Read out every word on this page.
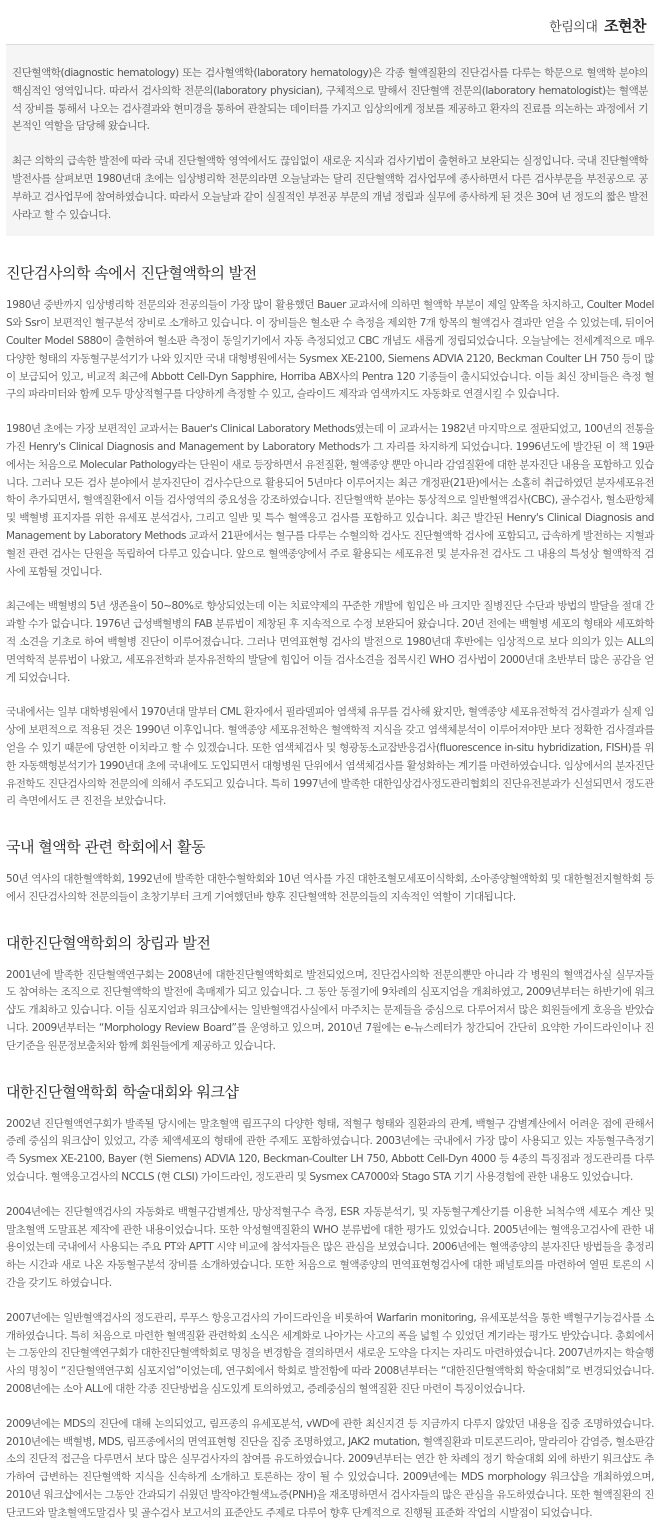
한림의대 조현찬

진단혈액학(diagnostic hematology) 또는 검사혈액학(laboratory hematology)은 각종 혈액질환의 진단검사를 다루는 학문으로 혈액학 분야의 핵심적인 영역입니다. 따라서 검사의학 전문의(laboratory physician), 구체적으로 말해서 진단혈액 전문의(laboratory hematologist)는 혈액분석 장비를 통해서 나오는 검사결과와 현미경을 통하여 관찰되는 데이터를 가지고 임상의에게 정보를 제공하고 환자의 진료를 의논하는 과정에서 기본적인 역할을 담당해 왔습니다.

최근 의학의 급속한 발전에 따라 국내 진단혈액학 영역에서도 끊임없이 새로운 지식과 검사기법이 출현하고 보완되는 실정입니다. 국내 진단혈액학 발전사를 살펴보면 1980년대 초에는 임상병리학 전문의라면 오늘날과는 달리 진단혈액학 검사업무에 종사하면서 다른 검사부문을 부전공으로 공부하고 검사업무에 참여하였습니다. 따라서 오늘날과 같이 실질적인 부전공 부문의 개념 정립과 실무에 종사하게 된 것은 30여 년 정도의 짧은 발전사라고 할 수 있습니다.

진단검사의학 속에서 진단혈액학의 발전

1980년 중반까지 임상병리학 전문의와 전공의들이 가장 많이 활용했던 Bauer 교과서에 의하면 혈액학 부분이 제일 앞쪽을 차지하고, Coulter Model S와 Ssr이 보편적인 혈구분석 장비로 소개하고 있습니다. 이 장비들은 혈소판 수 측정을 제외한 7개 항목의 혈액검사 결과만 얻을 수 있었는데, 뒤이어 Coulter Model S880이 출현하여 혈소판 측정이 동일기기에서 자동 측정되었고 CBC 개념도 새롭게 정립되었습니다. 오늘날에는 전세계적으로 매우 다양한 형태의 자동혈구분석기가 나와 있지만 국내 대형병원에서는 Sysmex XE-2100, Siemens ADVIA 2120, Beckman Coulter LH 750 등이 많이 보급되어 있고, 비교적 최근에 Abbott Cell-Dyn Sapphire, Horriba ABX사의 Pentra 120 기종들이 출시되었습니다. 이들 최신 장비들은 측정 혈구의 파라미터와 함께 모두 망상적혈구를 다양하게 측정할 수 있고, 슬라이드 제작과 염색까지도 자동화로 연결시킬 수 있습니다.

1980년 초에는 가장 보편적인 교과서는 Bauer's Clinical Laboratory Methods였는데 이 교과서는 1982년 마지막으로 절판되었고, 100년의 전통을 가진 Henry's Clinical Diagnosis and Management by Laboratory Methods가 그 자리를 차지하게 되었습니다. 1996년도에 발간된 이 책 19판에서는 처음으로 Molecular Pathology라는 단원이 새로 등장하면서 유전질환, 혈액종양 뿐만 아니라 감염질환에 대한 분자진단 내용을 포함하고 있습니다. 그러나 모든 검사 분야에서 분자진단이 검사수단으로 활용되어 5년마다 이루어지는 최근 개정판(21판)에서는 소홀히 취급하였던 분자세포유전학이 추가되면서, 혈액질환에서 이들 검사영역의 중요성을 강조하였습니다. 진단혈액학 분야는 통상적으로 일반혈액검사(CBC), 골수검사, 혈소판항체 및 백혈병 표지자를 위한 유세포 분석검사, 그리고 일반 및 특수 혈액응고 검사를 포함하고 있습니다. 최근 발간된 Henry's Clinical Diagnosis and Management by Laboratory Methods 교과서 21판에서는 혈구를 다루는 수혈의학 검사도 진단혈액학 검사에 포함되고, 급속하게 발전하는 지혈과 혈전 관련 검사는 단원을 독립하여 다루고 있습니다. 앞으로 혈액종양에서 주로 활용되는 세포유전 및 분자유전 검사도 그 내용의 특성상 혈액학적 검사에 포함될 것입니다.

최근에는 백혈병의 5년 생존율이 50~80%로 향상되었는데 이는 치료약제의 꾸준한 개발에 힘입은 바 크지만 질병진단 수단과 방법의 발달을 절대 간과할 수가 없습니다. 1976년 급성백혈병의 FAB 분류법이 제창된 후 지속적으로 수정 보완되어 왔습니다. 20년 전에는 백혈병 세포의 형태와 세포화학적 소견을 기초로 하여 백혈병 진단이 이루어졌습니다. 그러나 면역표현형 검사의 발전으로 1980년대 후반에는 임상적으로 보다 의의가 있는 ALL의 면역학적 분류법이 나왔고, 세포유전학과 분자유전학의 발달에 힘입어 이들 검사소견을 접목시킨 WHO 검사법이 2000년대 초반부터 많은 공감을 얻게 되었습니다.

국내에서는 일부 대학병원에서 1970년대 말부터 CML 환자에서 필라델피아 염색체 유무를 검사해 왔지만, 혈액종양 세포유전학적 검사결과가 실제 임상에 보편적으로 적용된 것은 1990년 이후입니다. 혈액종양 세포유전학은 혈액학적 지식을 갖고 염색체분석이 이루어져야만 보다 정확한 검사결과를 얻을 수 있기 때문에 당연한 이치라고 할 수 있겠습니다. 또한 염색체검사 및 형광동소교잡반응검사(fluorescence in-situ hybridization, FISH)를 위한 자동핵형분석기가 1990년대 초에 국내에도 도입되면서 대형병원 단위에서 염색체검사를 활성화하는 계기를 마련하였습니다. 임상에서의 분자진단유전학도 진단검사의학 전문의에 의해서 주도되고 있습니다. 특히 1997년에 발족한 대한임상검사정도관리협회의 진단유전분과가 신설되면서 정도관리 측면에서도 큰 진전을 보았습니다.

국내 혈액학 관련 학회에서 활동

50년 역사의 대한혈액학회, 1992년에 발족한 대한수혈학회와 10년 역사를 가진 대한조혈모세포이식학회, 소아종양혈액학회 및 대한혈전지혈학회 등에서 진단검사의학 전문의들이 초창기부터 크게 기여했던바 향후 진단혈액학 전문의들의 지속적인 역할이 기대됩니다.

대한진단혈액학회의 창립과 발전

2001년에 발족한 진단혈액연구회는 2008년에 대한진단혈액학회로 발전되었으며, 진단검사의학 전문의뿐만 아니라 각 병원의 혈액검사실 실무자들도 참여하는 조직으로 진단혈액학의 발전에 촉매제가 되고 있습니다. 그 동안 동절기에 9차례의 심포지엄을 개최하였고, 2009년부터는 하반기에 워크샵도 개최하고 있습니다. 이들 심포지엄과 워크샵에서는 일반혈액검사실에서 마주치는 문제들을 중심으로 다루어져서 많은 회원들에게 호응을 받았습니다. 2009년부터는 “Morphology Review Board”를 운영하고 있으며, 2010년 7월에는 e-뉴스레터가 창간되어 간단히 요약한 가이드라인이나 진단기준을 원문정보출처와 함께 회원들에게 제공하고 있습니다.

대한진단혈액학회 학술대회와 워크샵

2002년 진단혈액연구회가 발족될 당시에는 말초혈액 림프구의 다양한 형태, 적혈구 형태와 질환과의 관계, 백혈구 감별계산에서 어려운 점에 관해서 증례 중심의 워크샵이 있었고, 각종 체액세포의 형태에 관한 주제도 포함하였습니다. 2003년에는 국내에서 가장 많이 사용되고 있는 자동혈구측정기 즉 Sysmex XE-2100, Bayer (현 Siemens) ADVIA 120, Beckman-Coulter LH 750, Abbott Cell-Dyn 4000 등 4종의 특징점과 정도관리를 다루었습니다. 혈액응고검사의 NCCLS (현 CLSI) 가이드라인, 정도관리 및 Sysmex CA7000와 Stago STA 기기 사용경험에 관한 내용도 있었습니다.

2004년에는 진단혈액검사의 자동화로 백혈구감별계산, 망상적혈구수 측정, ESR 자동분석기, 및 자동혈구계산기를 이용한 뇌척수액 세포수 계산 및 말초혈액 도말표본 제작에 관한 내용이었습니다. 또한 악성혈액질환의 WHO 분류법에 대한 평가도 있었습니다. 2005년에는 혈액응고검사에 관한 내용이었는데 국내에서 사용되는 주요 PT와 APTT 시약 비교에 참석자들은 많은 관심을 보였습니다. 2006년에는 혈액종양의 분자진단 방법들을 총정리하는 시간과 새로 나온 자동혈구분석 장비를 소개하였습니다. 또한 처음으로 혈액종양의 면역표현형검사에 대한 패널토의를 마련하여 열띤 토론의 시간을 갖기도 하였습니다.

2007년에는 일반혈액검사의 정도관리, 루푸스 항응고검사의 가이드라인을 비롯하여 Warfarin monitoring, 유세포분석을 통한 백혈구기능검사를 소개하였습니다. 특히 처음으로 마련한 혈액질환 관련학회 소식은 세계화로 나아가는 사고의 폭을 넓힐 수 있었던 계기라는 평가도 받았습니다. 총회에서는 그동안의 진단혈액연구회가 대한진단혈액학회로 명칭을 변경함을 결의하면서 새로운 도약을 다지는 자리도 마련하였습니다. 2007년까지는 학술행사의 명칭이 “진단혈액연구회 심포지엄”이었는데, 연구회에서 학회로 발전함에 따라 2008년부터는 “대한진단혈액학회 학술대회”로 변경되었습니다. 2008년에는 소아 ALL에 대한 각종 진단방법을 심도있게 토의하였고, 증례중심의 혈액질환 진단 마련이 특징이었습니다.

2009년에는 MDS의 진단에 대해 논의되었고, 림프종의 유세포분석, vWD에 관한 최신지견 등 지금까지 다루지 않았던 내용을 집중 조명하였습니다. 2010년에는 백혈병, MDS, 림프종에서의 면역표현형 진단을 집중 조명하였고, JAK2 mutation, 혈액질환과 미토콘드리아, 말라리아 감염증, 혈소판감소의 진단적 접근을 다루면서 보다 많은 실무검사자의 참여를 유도하였습니다. 2009년부터는 연간 한 차례의 정기 학술대회 외에 하반기 워크샵도 추가하여 급변하는 진단혈액학 지식을 신속하게 소개하고 토론하는 장이 될 수 있었습니다. 2009년에는 MDS morphology 워크샵을 개최하였으며, 2010년 워크샵에서는 그동안 간과되기 쉬웠던 발작야간혈색뇨증(PNH)을 재조명하면서 검사자들의 많은 관심을 유도하였습니다. 또한 혈액질환의 진단코드와 말초혈액도말검사 및 골수검사 보고서의 표준안도 주제로 다루어 향후 단계적으로 진행될 표준화 작업의 시발점이 되었습니다.
